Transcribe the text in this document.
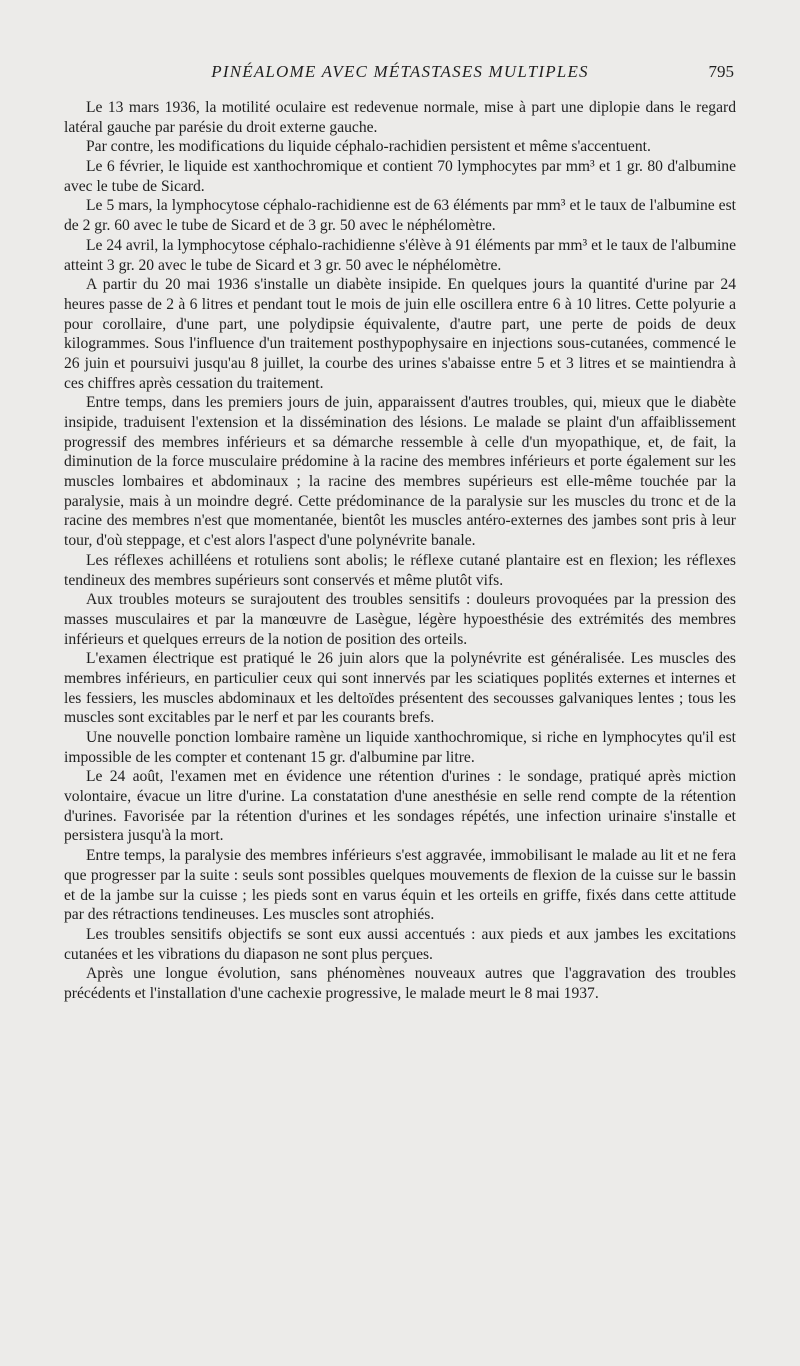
PINÉALOME AVEC MÉTASTASES MULTIPLES	795

Le 13 mars 1936, la motilité oculaire est redevenue normale, mise à part une diplopie dans le regard latéral gauche par parésie du droit externe gauche.

Par contre, les modifications du liquide céphalo-rachidien persistent et même s'accentuent.

Le 6 février, le liquide est xanthochromique et contient 70 lymphocytes par mm³ et 1 gr. 80 d'albumine avec le tube de Sicard.

Le 5 mars, la lymphocytose céphalo-rachidienne est de 63 éléments par mm³ et le taux de l'albumine est de 2 gr. 60 avec le tube de Sicard et de 3 gr. 50 avec le néphélomètre.

Le 24 avril, la lymphocytose céphalo-rachidienne s'élève à 91 éléments par mm³ et le taux de l'albumine atteint 3 gr. 20 avec le tube de Sicard et 3 gr. 50 avec le néphélomètre.

A partir du 20 mai 1936 s'installe un diabète insipide. En quelques jours la quantité d'urine par 24 heures passe de 2 à 6 litres et pendant tout le mois de juin elle oscillera entre 6 à 10 litres. Cette polyurie a pour corollaire, d'une part, une polydipsie équivalente, d'autre part, une perte de poids de deux kilogrammes. Sous l'influence d'un traitement posthypophysaire en injections sous-cutanées, commencé le 26 juin et poursuivi jusqu'au 8 juillet, la courbe des urines s'abaisse entre 5 et 3 litres et se maintiendra à ces chiffres après cessation du traitement.

Entre temps, dans les premiers jours de juin, apparaissent d'autres troubles, qui, mieux que le diabète insipide, traduisent l'extension et la dissémination des lésions. Le malade se plaint d'un affaiblissement progressif des membres inférieurs et sa démarche ressemble à celle d'un myopathique, et, de fait, la diminution de la force musculaire prédomine à la racine des membres inférieurs et porte également sur les muscles lombaires et abdominaux ; la racine des membres supérieurs est elle-même touchée par la paralysie, mais à un moindre degré. Cette prédominance de la paralysie sur les muscles du tronc et de la racine des membres n'est que momentanée, bientôt les muscles antéro-externes des jambes sont pris à leur tour, d'où steppage, et c'est alors l'aspect d'une polynévrite banale.

Les réflexes achilléens et rotuliens sont abolis; le réflexe cutané plantaire est en flexion; les réflexes tendineux des membres supérieurs sont conservés et même plutôt vifs.

Aux troubles moteurs se surajoutent des troubles sensitifs : douleurs provoquées par la pression des masses musculaires et par la manœuvre de Lasègue, légère hypoesthésie des extrémités des membres inférieurs et quelques erreurs de la notion de position des orteils.

L'examen électrique est pratiqué le 26 juin alors que la polynévrite est généralisée. Les muscles des membres inférieurs, en particulier ceux qui sont innervés par les sciatiques poplités externes et internes et les fessiers, les muscles abdominaux et les deltoïdes présentent des secousses galvaniques lentes ; tous les muscles sont excitables par le nerf et par les courants brefs.

Une nouvelle ponction lombaire ramène un liquide xanthochromique, si riche en lymphocytes qu'il est impossible de les compter et contenant 15 gr. d'albumine par litre.

Le 24 août, l'examen met en évidence une rétention d'urines : le sondage, pratiqué après miction volontaire, évacue un litre d'urine. La constatation d'une anesthésie en selle rend compte de la rétention d'urines. Favorisée par la rétention d'urines et les sondages répétés, une infection urinaire s'installe et persistera jusqu'à la mort.

Entre temps, la paralysie des membres inférieurs s'est aggravée, immobilisant le malade au lit et ne fera que progresser par la suite : seuls sont possibles quelques mouvements de flexion de la cuisse sur le bassin et de la jambe sur la cuisse ; les pieds sont en varus équin et les orteils en griffe, fixés dans cette attitude par des rétractions tendineuses. Les muscles sont atrophiés.

Les troubles sensitifs objectifs se sont eux aussi accentués : aux pieds et aux jambes les excitations cutanées et les vibrations du diapason ne sont plus perçues.

Après une longue évolution, sans phénomènes nouveaux autres que l'aggravation des troubles précédents et l'installation d'une cachexie progressive, le malade meurt le 8 mai 1937.
